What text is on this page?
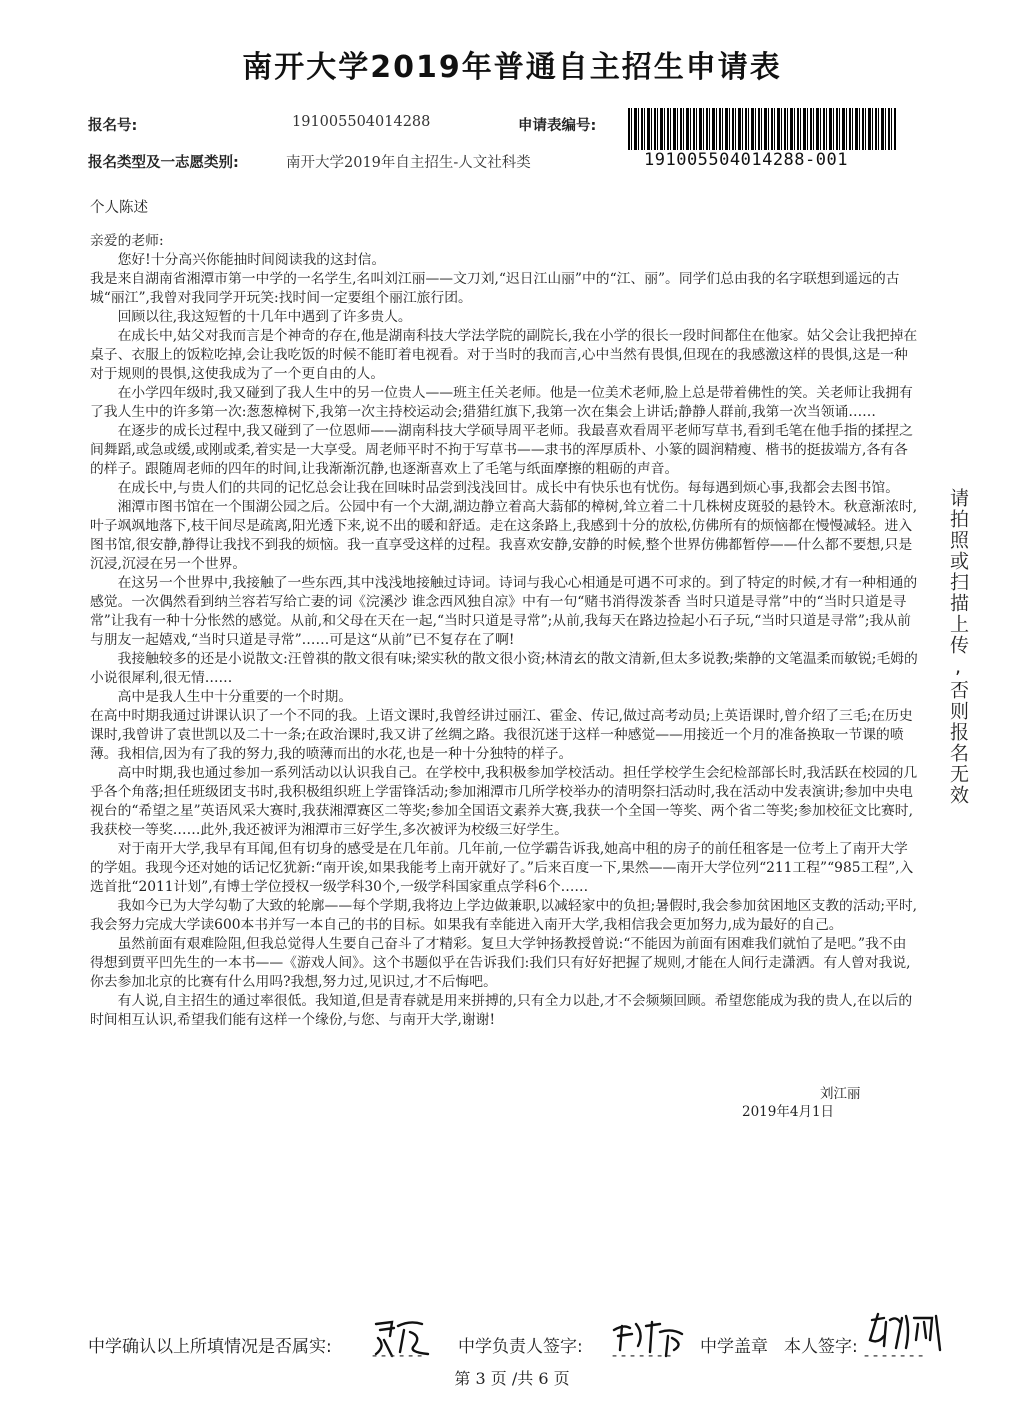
南开大学2019年普通自主招生申请表
报名号:	191005504014288	申请表编号:
191005504014288-001
报名类型及一志愿类别:	南开大学2019年自主招生-人文社科类
个人陈述

亲爱的老师:

您好!十分高兴你能抽时间阅读我的这封信。

我是来自湖南省湘潭市第一中学的一名学生,名叫刘江丽——文刀刘,“迟日江山丽”中的“江、丽”。同学们总由我的名字联想到遥远的古城“丽江”,我曾对我同学开玩笑:找时间一定要组个丽江旅行团。

回顾以往,我这短暂的十几年中遇到了许多贵人。

在成长中,姑父对我而言是个神奇的存在,他是湖南科技大学法学院的副院长,我在小学的很长一段时间都住在他家。姑父会让我把掉在桌子、衣服上的饭粒吃掉,会让我吃饭的时候不能盯着电视看。对于当时的我而言,心中当然有畏惧,但现在的我感激这样的畏惧,这是一种对于规则的畏惧,这使我成为了一个更自由的人。

在小学四年级时,我又碰到了我人生中的另一位贵人——班主任关老师。他是一位美术老师,脸上总是带着佛性的笑。关老师让我拥有了我人生中的许多第一次:葱葱樟树下,我第一次主持校运动会;猎猎红旗下,我第一次在集会上讲话;静静人群前,我第一次当领诵……

在逐步的成长过程中,我又碰到了一位恩师——湖南科技大学硕导周平老师。我最喜欢看周平老师写草书,看到毛笔在他手指的揉捏之间舞蹈,或急或缓,或刚或柔,着实是一大享受。周老师平时不拘于写草书——隶书的浑厚质朴、小篆的圆润精瘦、楷书的挺拔端方,各有各的样子。跟随周老师的四年的时间,让我渐渐沉静,也逐渐喜欢上了毛笔与纸面摩擦的粗砺的声音。

在成长中,与贵人们的共同的记忆总会让我在回味时品尝到浅浅回甘。成长中有快乐也有忧伤。每每遇到烦心事,我都会去图书馆。

湘潭市图书馆在一个围湖公园之后。公园中有一个大湖,湖边静立着高大蓊郁的樟树,耸立着二十几株树皮斑驳的悬铃木。秋意渐浓时,叶子飒飒地落下,枝干间尽是疏离,阳光透下来,说不出的暖和舒适。走在这条路上,我感到十分的放松,仿佛所有的烦恼都在慢慢减轻。进入图书馆,很安静,静得让我找不到我的烦恼。我一直享受这样的过程。我喜欢安静,安静的时候,整个世界仿佛都暂停——什么都不要想,只是沉浸,沉浸在另一个世界。

在这另一个世界中,我接触了一些东西,其中浅浅地接触过诗词。诗词与我心心相通是可遇不可求的。到了特定的时候,才有一种相通的感觉。一次偶然看到纳兰容若写给亡妻的词《浣溪沙 谁念西风独自凉》中有一句“赌书消得泼茶香 当时只道是寻常”中的“当时只道是寻常”让我有一种十分怅然的感觉。从前,和父母在天在一起,“当时只道是寻常”;从前,我每天在路边捡起小石子玩,“当时只道是寻常”;我从前与朋友一起嬉戏,“当时只道是寻常”……可是这“从前”已不复存在了啊!

我接触较多的还是小说散文:汪曾祺的散文很有味;梁实秋的散文很小资;林清玄的散文清新,但太多说教;柴静的文笔温柔而敏锐;毛姆的小说很犀利,很无情……

高中是我人生中十分重要的一个时期。

在高中时期我通过讲课认识了一个不同的我。上语文课时,我曾经讲过丽江、霍金、传记,做过高考动员;上英语课时,曾介绍了三毛;在历史课时,我曾讲了袁世凯以及二十一条;在政治课时,我又讲了丝绸之路。我很沉迷于这样一种感觉——用接近一个月的准备换取一节课的喷薄。我相信,因为有了我的努力,我的喷薄而出的水花,也是一种十分独特的样子。

高中时期,我也通过参加一系列活动以认识我自己。在学校中,我积极参加学校活动。担任学校学生会纪检部部长时,我活跃在校园的几乎各个角落;担任班级团支书时,我积极组织班上学雷锋活动;参加湘潭市几所学校举办的清明祭扫活动时,我在活动中发表演讲;参加中央电视台的“希望之星”英语风采大赛时,我获湘潭赛区二等奖;参加全国语文素养大赛,我获一个全国一等奖、两个省二等奖;参加校征文比赛时,我获校一等奖……此外,我还被评为湘潭市三好学生,多次被评为校级三好学生。

对于南开大学,我早有耳闻,但有切身的感受是在几年前。几年前,一位学霸告诉我,她高中租的房子的前任租客是一位考上了南开大学的学姐。我现今还对她的话记忆犹新:“南开诶,如果我能考上南开就好了。”后来百度一下,果然——南开大学位列“211工程”“985工程”,入选首批“2011计划”,有博士学位授权一级学科30个,一级学科国家重点学科6个……

我如今已为大学勾勒了大致的轮廓——每个学期,我将边上学边做兼职,以减轻家中的负担;暑假时,我会参加贫困地区支教的活动;平时,我会努力完成大学读600本书并写一本自己的书的目标。如果我有幸能进入南开大学,我相信我会更加努力,成为最好的自己。

虽然前面有艰难险阻,但我总觉得人生要自己奋斗了才精彩。复旦大学钟扬教授曾说:“不能因为前面有困难我们就怕了是吧。”我不由得想到贾平凹先生的一本书——《游戏人间》。这个书题似乎在告诉我们:我们只有好好把握了规则,才能在人间行走潇洒。有人曾对我说,你去参加北京的比赛有什么用吗?我想,努力过,见识过,才不后悔吧。

有人说,自主招生的通过率很低。我知道,但是青春就是用来拼搏的,只有全力以赴,才不会频频回顾。希望您能成为我的贵人,在以后的时间相互认识,希望我们能有这样一个缘份,与您、与南开大学,谢谢!

刘江丽
2019年4月1日
请拍照或扫描上传,否则报名无效
中学确认以上所填情况是否属实:	中学负责人签字:	中学盖章 本人签字:
------	-------	-------
第 3 页 /共 6 页
